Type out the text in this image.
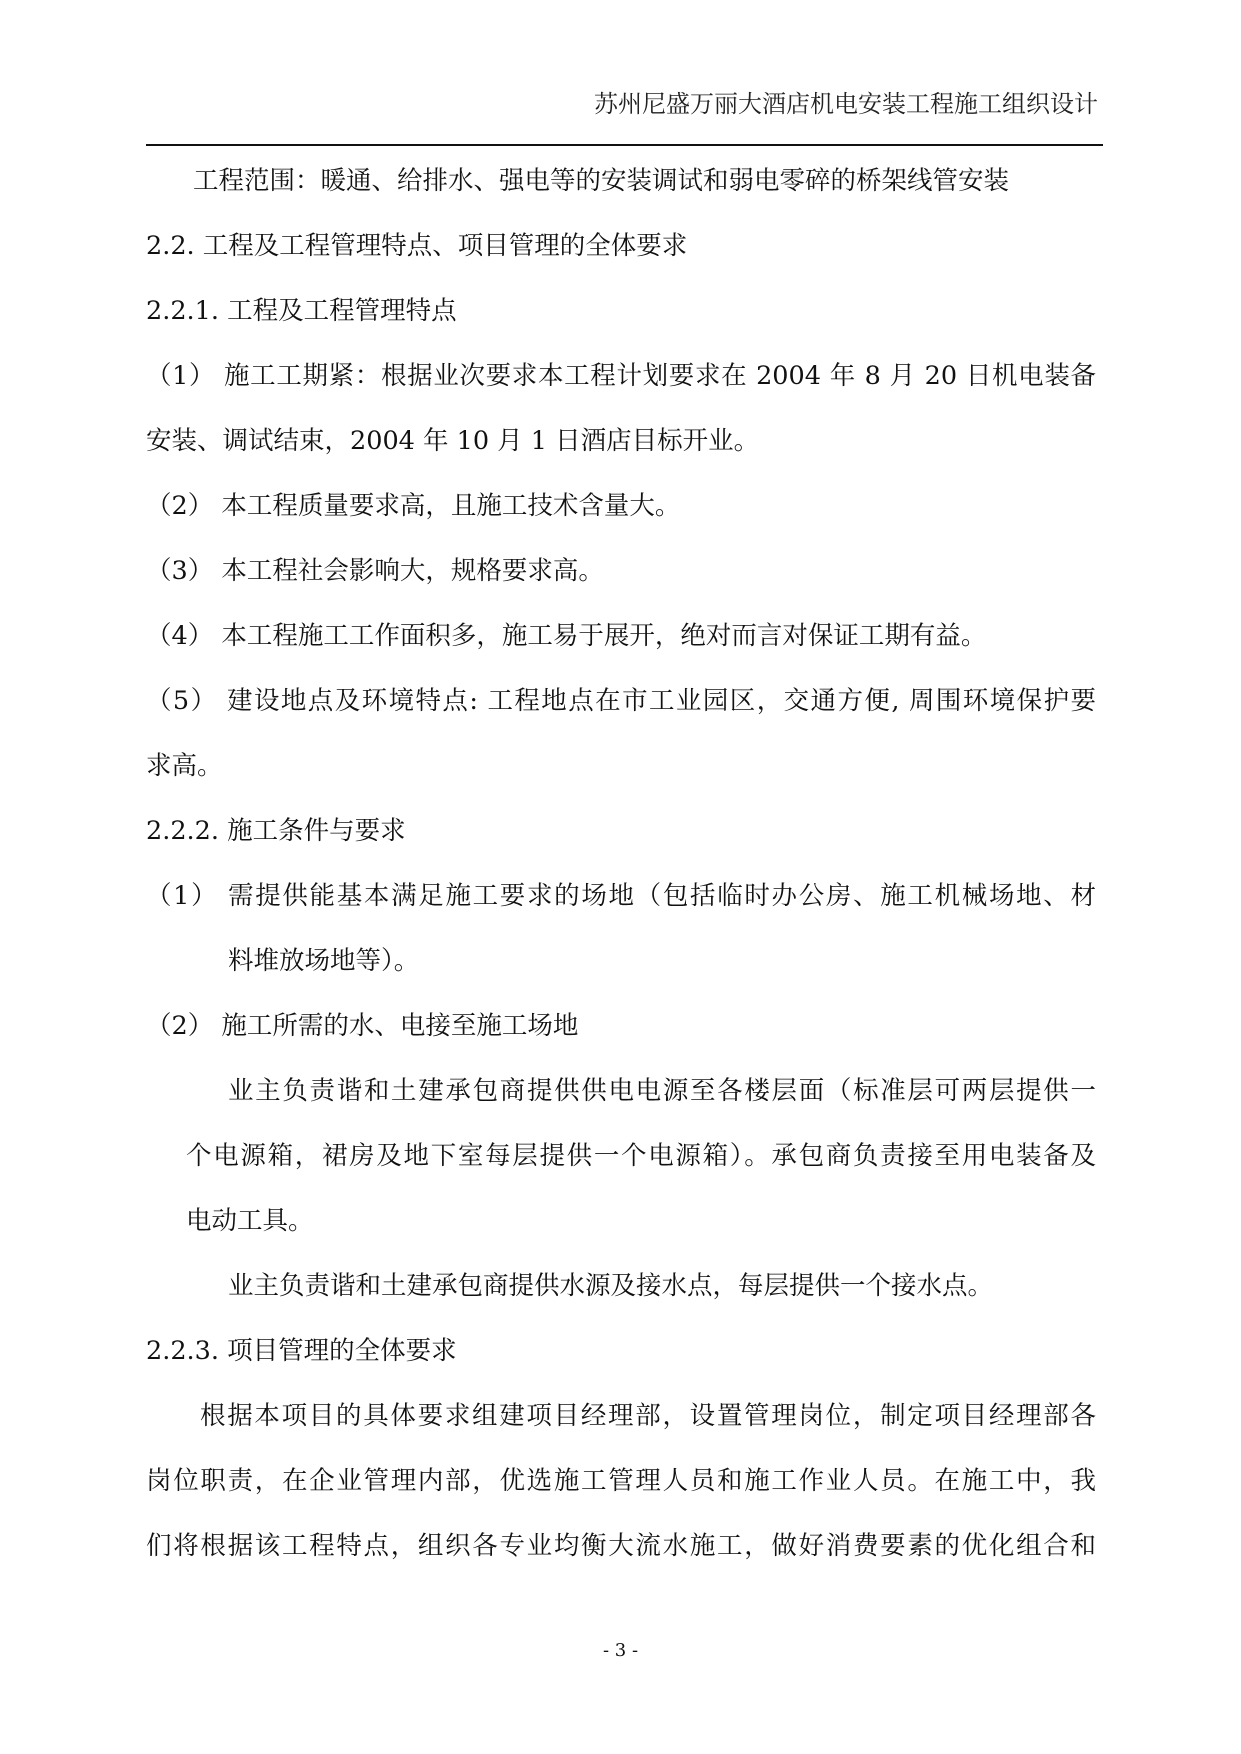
苏州尼盛万丽大酒店机电安装工程施工组织设计
工程范围：暖通、给排水、强电等的安装调试和弱电零碎的桥架线管安装
2.2. 工程及工程管理特点、项目管理的全体要求
2.2.1. 工程及工程管理特点
（1） 施工工期紧：根据业次要求本工程计划要求在 2004 年 8 月 20 日机电装备
安装、调试结束，2004 年 10 月 1 日酒店目标开业。
（2） 本工程质量要求高，且施工技术含量大。
（3） 本工程社会影响大，规格要求高。
（4） 本工程施工工作面积多，施工易于展开，绝对而言对保证工期有益。
（5） 建设地点及环境特点: 工程地点在市工业园区，交通方便, 周围环境保护要
求高。
2.2.2. 施工条件与要求
（1） 需提供能基本满足施工要求的场地（包括临时办公房、施工机械场地、材
料堆放场地等）。
（2） 施工所需的水、电接至施工场地
业主负责谐和土建承包商提供供电电源至各楼层面（标准层可两层提供一
个电源箱，裙房及地下室每层提供一个电源箱）。承包商负责接至用电装备及
电动工具。
业主负责谐和土建承包商提供水源及接水点，每层提供一个接水点。
2.2.3. 项目管理的全体要求
根据本项目的具体要求组建项目经理部，设置管理岗位，制定项目经理部各
岗位职责，在企业管理内部，优选施工管理人员和施工作业人员。在施工中，我
们将根据该工程特点，组织各专业均衡大流水施工，做好消费要素的优化组合和
- 3 -
